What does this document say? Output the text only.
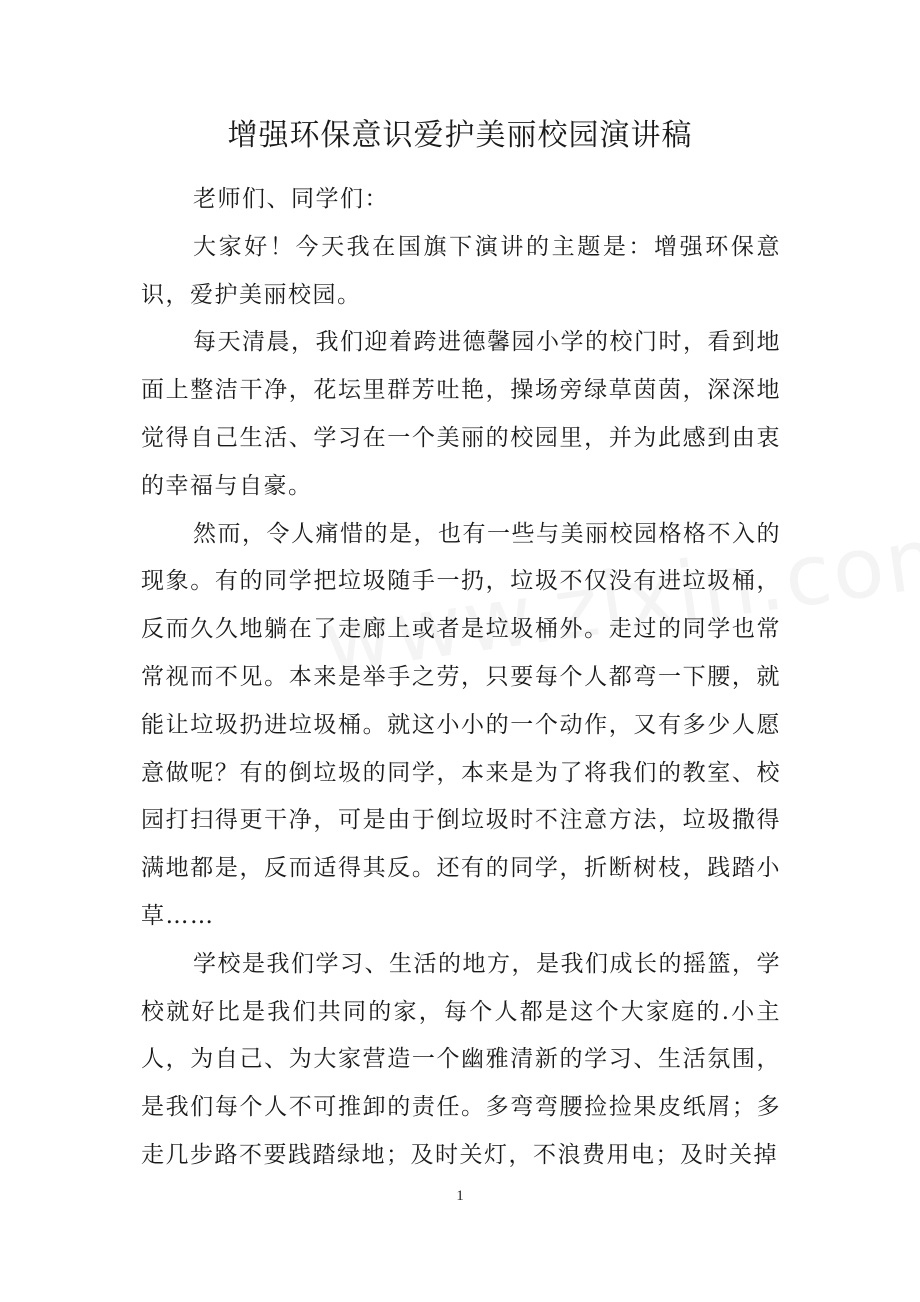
增强环保意识爱护美丽校园演讲稿
老师们、同学们：

大家好！今天我在国旗下演讲的主题是：增强环保意识，爱护美丽校园。

每天清晨，我们迎着跨进德馨园小学的校门时，看到地面上整洁干净，花坛里群芳吐艳，操场旁绿草茵茵，深深地觉得自己生活、学习在一个美丽的校园里，并为此感到由衷的幸福与自豪。

然而，令人痛惜的是，也有一些与美丽校园格格不入的现象。有的同学把垃圾随手一扔，垃圾不仅没有进垃圾桶，反而久久地躺在了走廊上或者是垃圾桶外。走过的同学也常常视而不见。本来是举手之劳，只要每个人都弯一下腰，就能让垃圾扔进垃圾桶。就这小小的一个动作，又有多少人愿意做呢？有的倒垃圾的同学，本来是为了将我们的教室、校园打扫得更干净，可是由于倒垃圾时不注意方法，垃圾撒得满地都是，反而适得其反。还有的同学，折断树枝，践踏小草……

学校是我们学习、生活的地方，是我们成长的摇篮，学校就好比是我们共同的家，每个人都是这个大家庭的.小主人，为自己、为大家营造一个幽雅清新的学习、生活氛围，是我们每个人不可推卸的责任。多弯弯腰捡捡果皮纸屑；多走几步路不要践踏绿地；及时关灯，不浪费用电；及时关掉

1
